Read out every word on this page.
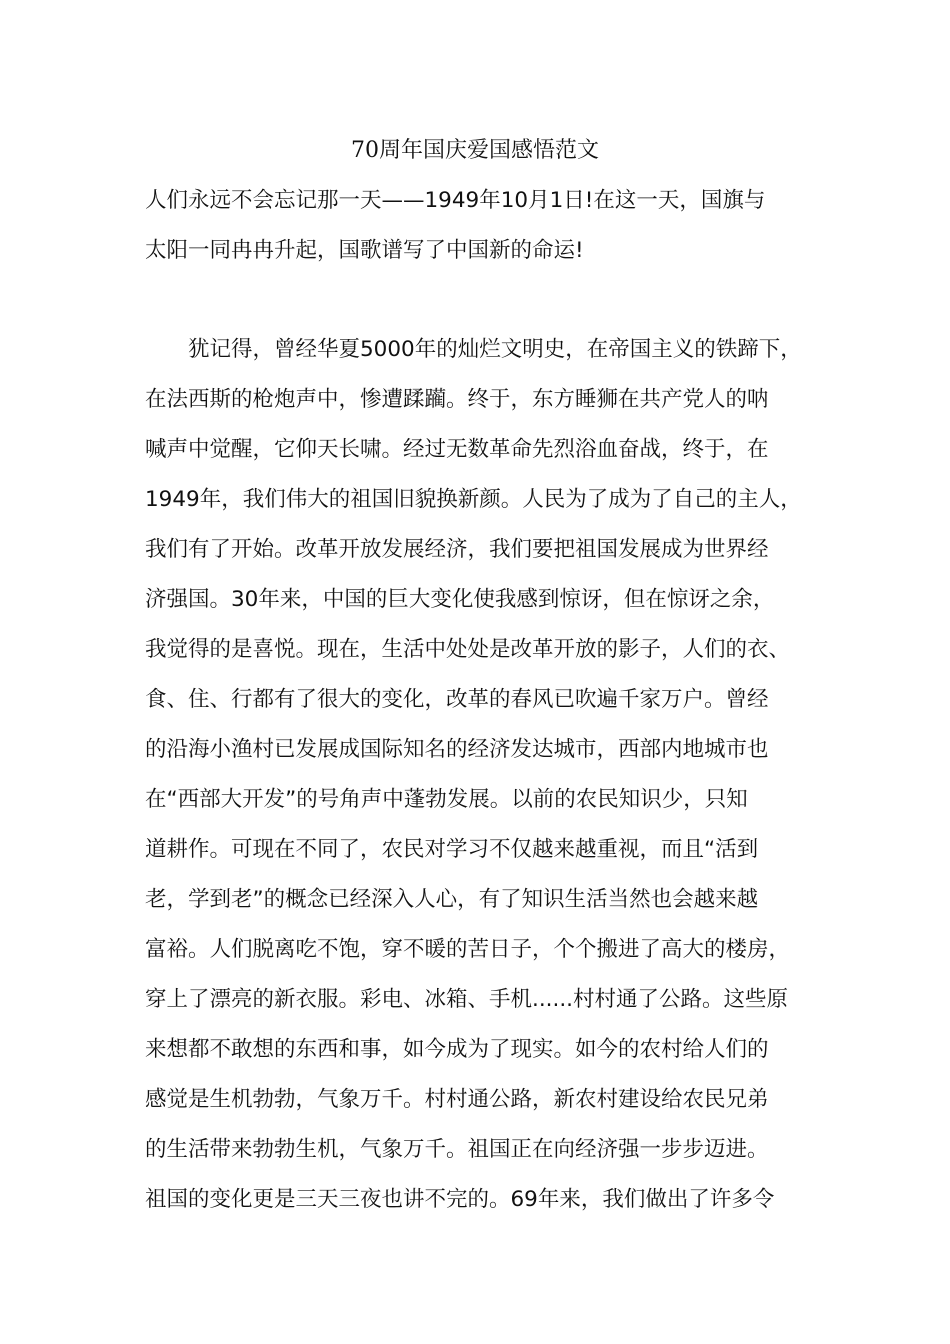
70周年国庆爱国感悟范文
人们永远不会忘记那一天——1949年10月1日!在这一天，国旗与
太阳一同冉冉升起，国歌谱写了中国新的命运!
　　犹记得，曾经华夏5000年的灿烂文明史，在帝国主义的铁蹄下，
在法西斯的枪炮声中，惨遭蹂躏。终于，东方睡狮在共产党人的呐
喊声中觉醒，它仰天长啸。经过无数革命先烈浴血奋战，终于，在
1949年，我们伟大的祖国旧貌换新颜。人民为了成为了自己的主人，
我们有了开始。改革开放发展经济，我们要把祖国发展成为世界经
济强国。30年来，中国的巨大变化使我感到惊讶，但在惊讶之余，
我觉得的是喜悦。现在，生活中处处是改革开放的影子，人们的衣、
食、住、行都有了很大的变化，改革的春风已吹遍千家万户。曾经
的沿海小渔村已发展成国际知名的经济发达城市，西部内地城市也
在“西部大开发”的号角声中蓬勃发展。以前的农民知识少，只知
道耕作。可现在不同了，农民对学习不仅越来越重视，而且“活到
老，学到老”的概念已经深入人心，有了知识生活当然也会越来越
富裕。人们脱离吃不饱，穿不暖的苦日子，个个搬进了高大的楼房，
穿上了漂亮的新衣服。彩电、冰箱、手机......村村通了公路。这些原
来想都不敢想的东西和事，如今成为了现实。如今的农村给人们的
感觉是生机勃勃，气象万千。村村通公路，新农村建设给农民兄弟
的生活带来勃勃生机，气象万千。祖国正在向经济强一步步迈进。
祖国的变化更是三天三夜也讲不完的。69年来，我们做出了许多令
